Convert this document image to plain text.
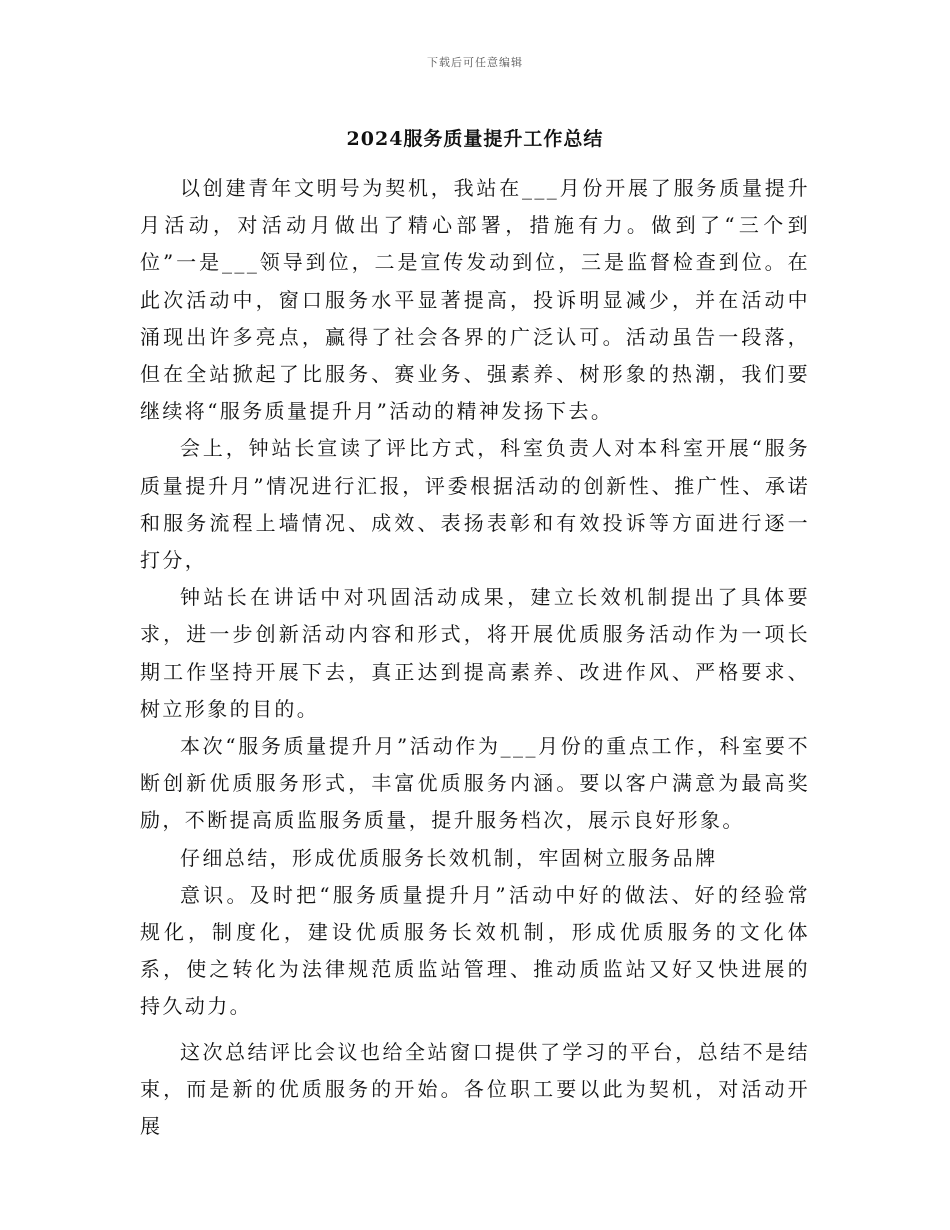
下载后可任意编辑
2024服务质量提升工作总结

以创建青年文明号为契机，我站在___月份开展了服务质量提升月活动，对活动月做出了精心部署，措施有力。做到了“三个到位”一是___领导到位，二是宣传发动到位，三是监督检查到位。在此次活动中，窗口服务水平显著提高，投诉明显减少，并在活动中涌现出许多亮点，赢得了社会各界的广泛认可。活动虽告一段落，但在全站掀起了比服务、赛业务、强素养、树形象的热潮，我们要继续将“服务质量提升月”活动的精神发扬下去。

会上，钟站长宣读了评比方式，科室负责人对本科室开展“服务质量提升月”情况进行汇报，评委根据活动的创新性、推广性、承诺和服务流程上墙情况、成效、表扬表彰和有效投诉等方面进行逐一打分，

钟站长在讲话中对巩固活动成果，建立长效机制提出了具体要求，进一步创新活动内容和形式，将开展优质服务活动作为一项长期工作坚持开展下去，真正达到提高素养、改进作风、严格要求、树立形象的目的。

本次“服务质量提升月”活动作为___月份的重点工作，科室要不断创新优质服务形式，丰富优质服务内涵。要以客户满意为最高奖励，不断提高质监服务质量，提升服务档次，展示良好形象。

仔细总结，形成优质服务长效机制，牢固树立服务品牌

意识。及时把“服务质量提升月”活动中好的做法、好的经验常规化，制度化，建设优质服务长效机制，形成优质服务的文化体系，使之转化为法律规范质监站管理、推动质监站又好又快进展的持久动力。

这次总结评比会议也给全站窗口提供了学习的平台，总结不是结束，而是新的优质服务的开始。各位职工要以此为契机，对活动开展
